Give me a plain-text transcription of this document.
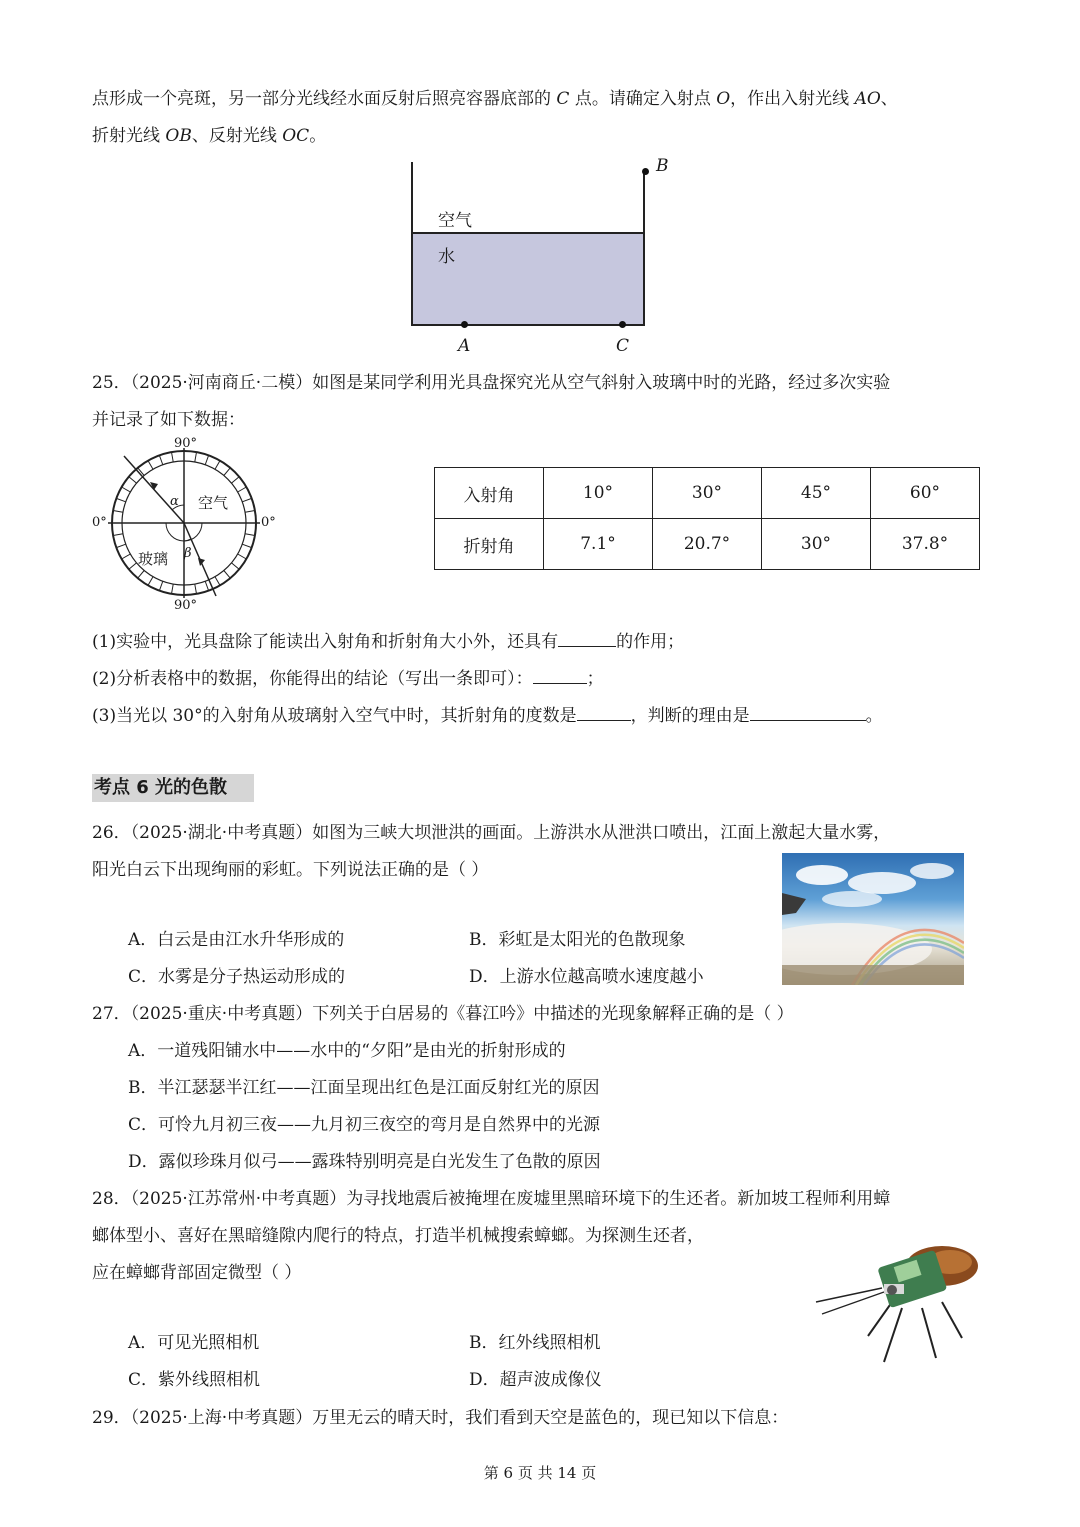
点形成一个亮斑，另一部分光线经水面反射后照亮容器底部的 C 点。请确定入射点 O，作出入射光线 AO、
折射光线 OB、反射光线 OC。
B
A	C
空气
水
25．（2025·河南商丘·二模）如图是某同学利用光具盘探究光从空气斜射入玻璃中时的光路，经过多次实验
并记录了如下数据：
90°
90°
0°	0°
空气
玻璃
α
β
入射角	10°	30°	45°	60°
折射角	7.1°	20.7°	30°	37.8°
(1)实验中，光具盘除了能读出入射角和折射角大小外，还具有	的作用；
(2)分析表格中的数据，你能得出的结论（写出一条即可）：	；
(3)当光以 30°的入射角从玻璃射入空气中时，其折射角的度数是	，判断的理由是	。
考点 6 光的色散
26．（2025·湖北·中考真题）如图为三峡大坝泄洪的画面。上游洪水从泄洪口喷出，江面上激起大量水雾，
阳光白云下出现绚丽的彩虹。下列说法正确的是（ ）
A．白云是由江水升华形成的	B．彩虹是太阳光的色散现象
C．水雾是分子热运动形成的	D．上游水位越高喷水速度越小
27．（2025·重庆·中考真题）下列关于白居易的《暮江吟》中描述的光现象解释正确的是（ ）
A．一道残阳铺水中——水中的“夕阳”是由光的折射形成的
B．半江瑟瑟半江红——江面呈现出红色是江面反射红光的原因
C．可怜九月初三夜——九月初三夜空的弯月是自然界中的光源
D．露似珍珠月似弓——露珠特别明亮是白光发生了色散的原因
28．（2025·江苏常州·中考真题）为寻找地震后被掩埋在废墟里黑暗环境下的生还者。新加坡工程师利用蟑
螂体型小、喜好在黑暗缝隙内爬行的特点，打造半机械搜索蟑螂。为探测生还者，
应在蟑螂背部固定微型（ ）
A．可见光照相机	B．红外线照相机
C．紫外线照相机	D．超声波成像仪
29．（2025·上海·中考真题）万里无云的晴天时，我们看到天空是蓝色的，现已知以下信息：
第 6 页 共 14 页
